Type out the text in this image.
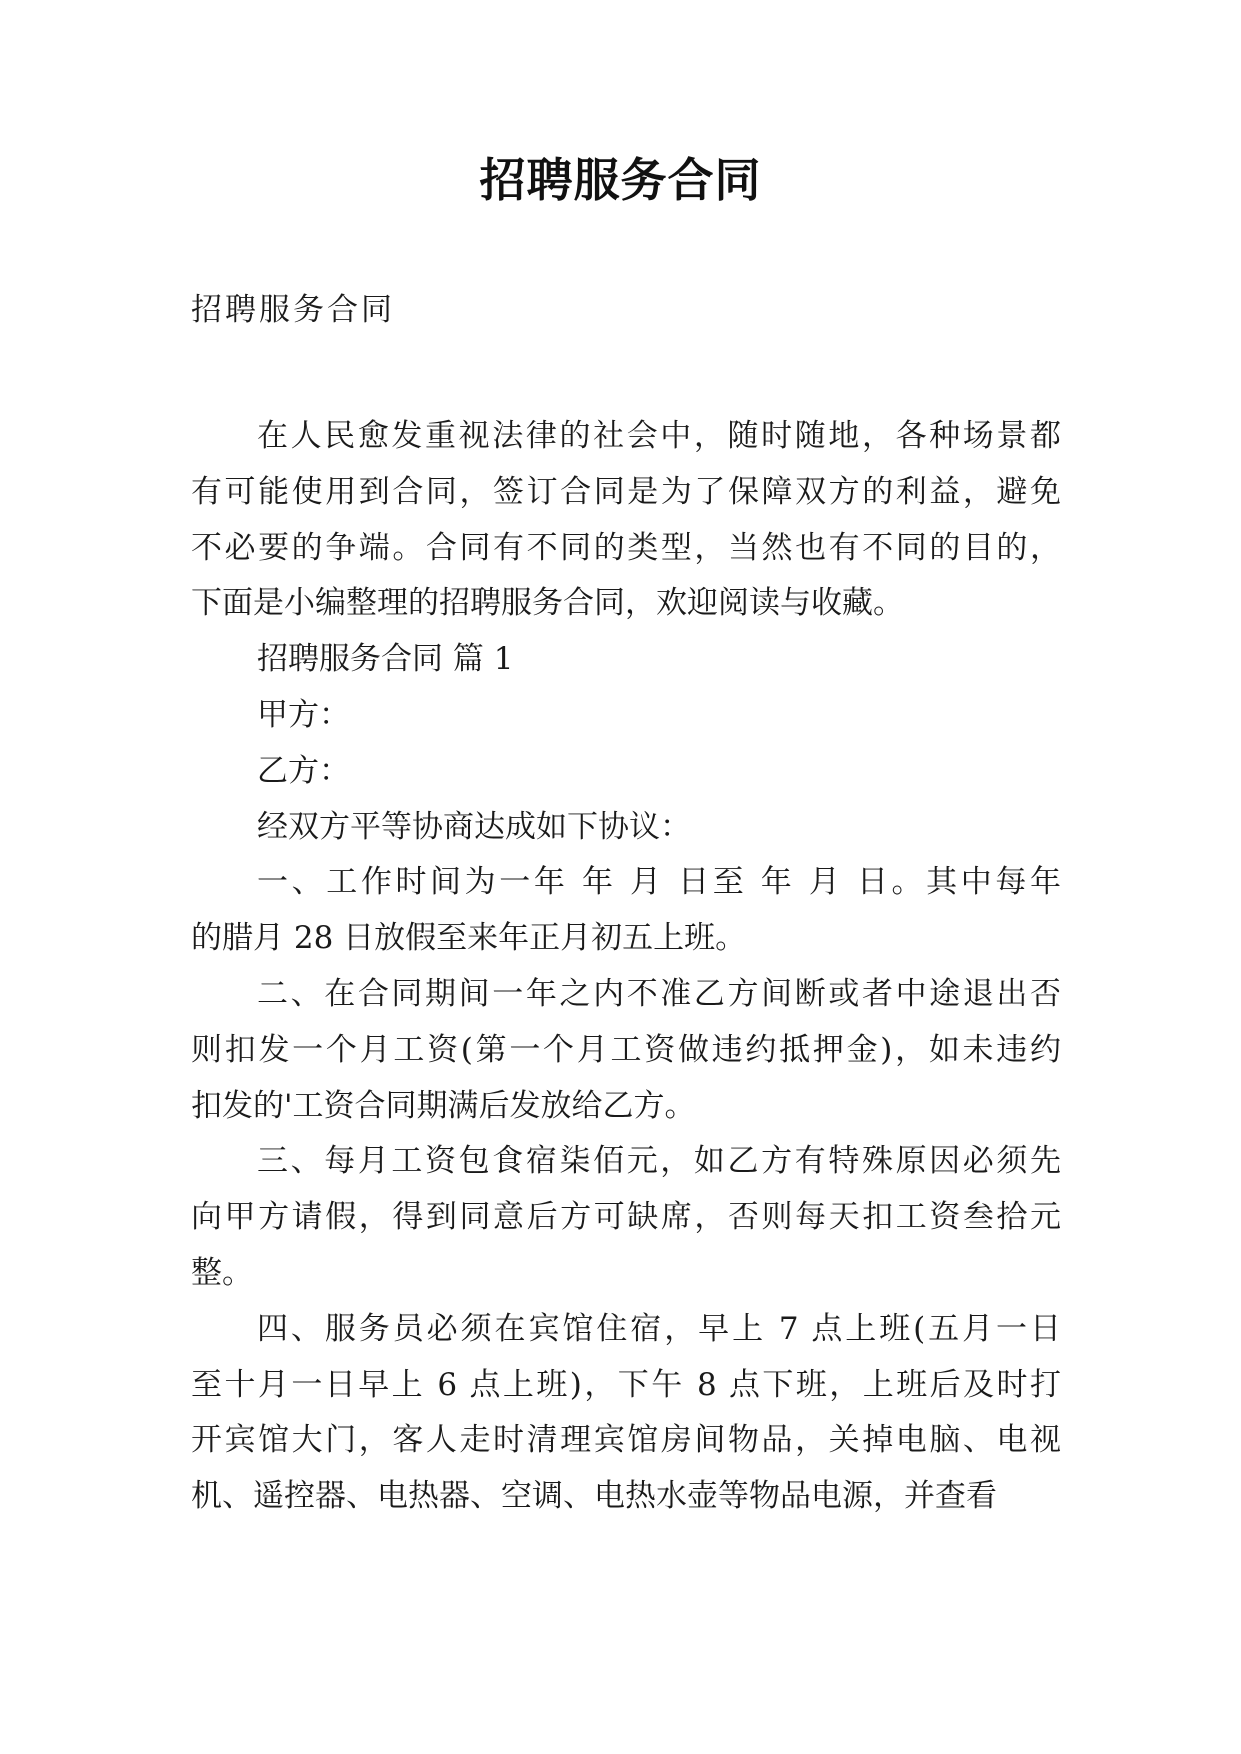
招聘服务合同
招聘服务合同

在人民愈发重视法律的社会中，随时随地，各种场景都
有可能使用到合同，签订合同是为了保障双方的利益，避免
不必要的争端。合同有不同的类型，当然也有不同的目的，
下面是小编整理的招聘服务合同，欢迎阅读与收藏。

招聘服务合同 篇 1

甲方：

乙方：

经双方平等协商达成如下协议：

一、工作时间为一年 年 月 日至 年 月 日。其中每年
的腊月 28 日放假至来年正月初五上班。

二、在合同期间一年之内不准乙方间断或者中途退出否
则扣发一个月工资(第一个月工资做违约抵押金)，如未违约
扣发的'工资合同期满后发放给乙方。

三、每月工资包食宿柒佰元，如乙方有特殊原因必须先
向甲方请假，得到同意后方可缺席，否则每天扣工资叁拾元
整。

四、服务员必须在宾馆住宿，早上 7 点上班(五月一日
至十月一日早上 6 点上班)，下午 8 点下班，上班后及时打
开宾馆大门，客人走时清理宾馆房间物品，关掉电脑、电视
机、遥控器、电热器、空调、电热水壶等物品电源，并查看
